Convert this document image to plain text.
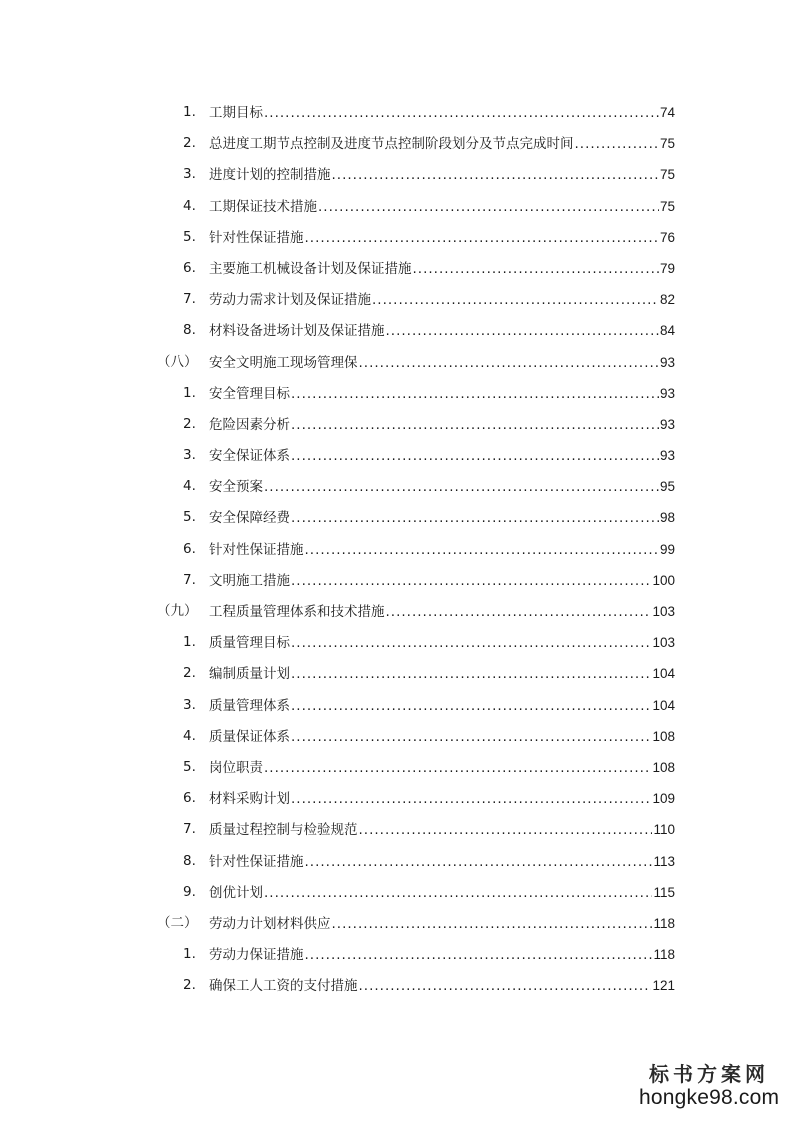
1. 工期目标 .....	74
2. 总进度工期节点控制及进度节点控制阶段划分及节点完成时间 .....	75
3. 进度计划的控制措施 .....	75
4. 工期保证技术措施 .....	75
5. 针对性保证措施 .....	76
6. 主要施工机械设备计划及保证措施 .....	79
7. 劳动力需求计划及保证措施 .....	82
8. 材料设备进场计划及保证措施 .....	84
（八） 安全文明施工现场管理保 .....	93
1. 安全管理目标 .....	93
2. 危险因素分析 .....	93
3. 安全保证体系 .....	93
4. 安全预案 .....	95
5. 安全保障经费 .....	98
6. 针对性保证措施 .....	99
7. 文明施工措施 .....	100
（九） 工程质量管理体系和技术措施 .....	103
1. 质量管理目标 .....	103
2. 编制质量计划 .....	104
3. 质量管理体系 .....	104
4. 质量保证体系 .....	108
5. 岗位职责 .....	108
6. 材料采购计划 .....	109
7. 质量过程控制与检验规范 .....	110
8. 针对性保证措施 .....	113
9. 创优计划 .....	115
（二） 劳动力计划材料供应 .....	118
1. 劳动力保证措施 .....	118
2. 确保工人工资的支付措施 .....	121
标书方案网
hongke98.com
